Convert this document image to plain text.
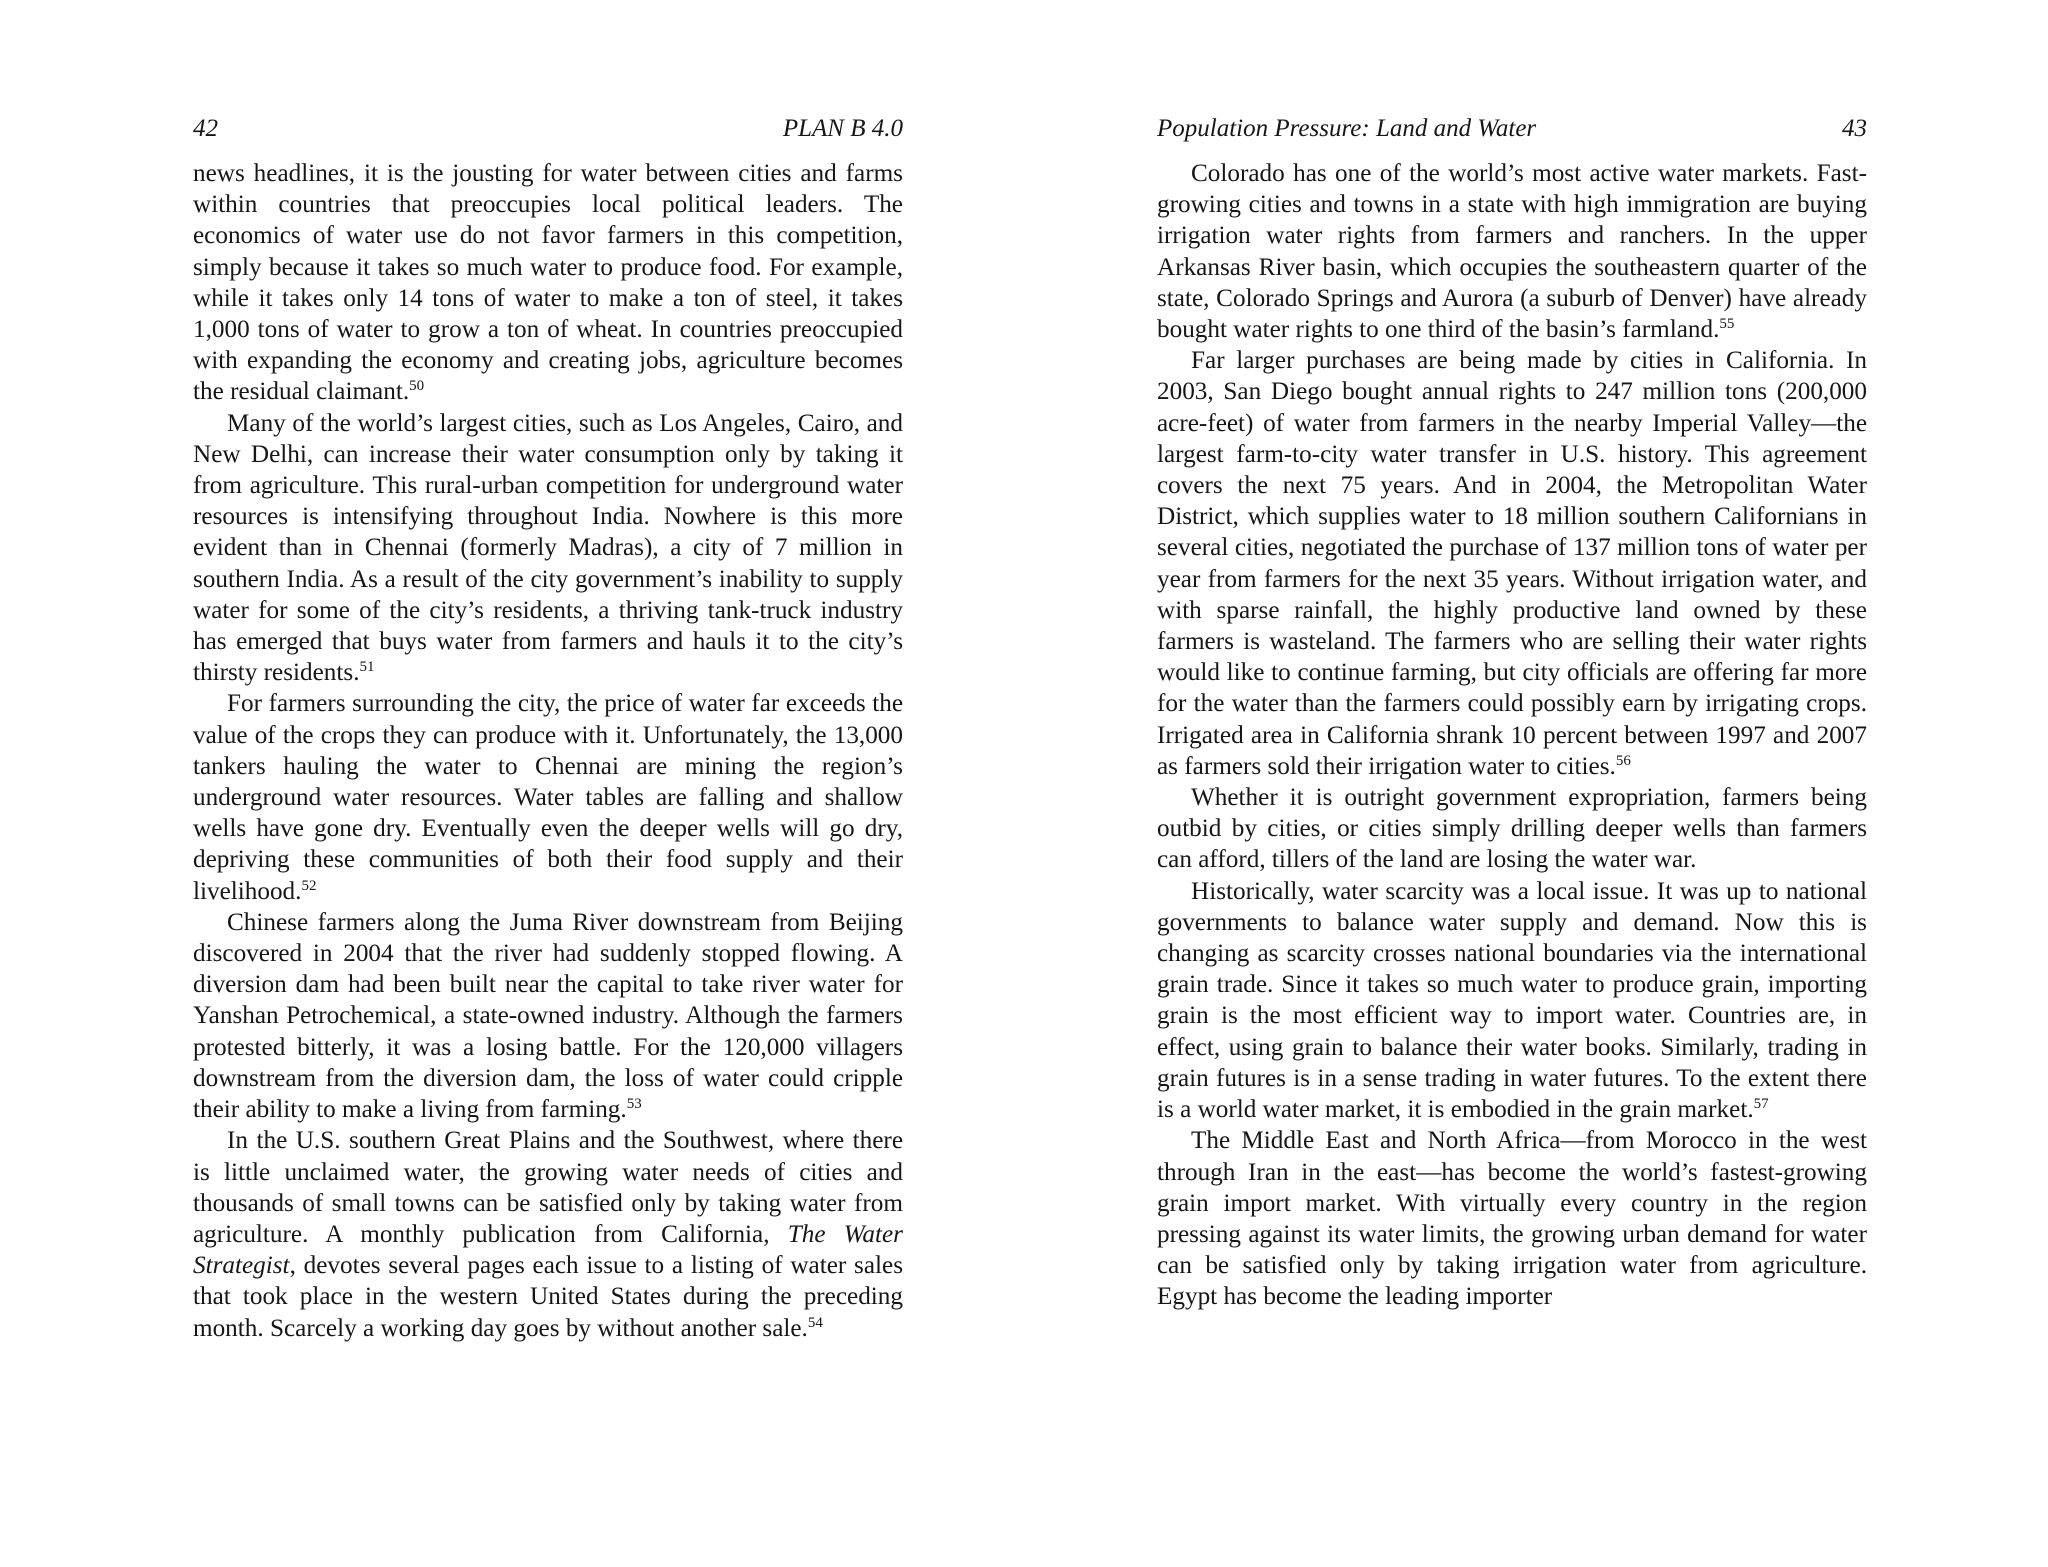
42	PLAN B 4.0

news headlines, it is the jousting for water between cities and farms within countries that preoccupies local political leaders. The economics of water use do not favor farmers in this competition, simply because it takes so much water to produce food. For example, while it takes only 14 tons of water to make a ton of steel, it takes 1,000 tons of water to grow a ton of wheat. In countries preoccupied with expanding the economy and creating jobs, agriculture becomes the residual claimant.$^{50}$

Many of the world’s largest cities, such as Los Angeles, Cairo, and New Delhi, can increase their water consumption only by taking it from agriculture. This rural-urban competition for underground water resources is intensifying throughout India. Nowhere is this more evident than in Chennai (formerly Madras), a city of 7 million in southern India. As a result of the city government’s inability to supply water for some of the city’s residents, a thriving tank-truck industry has emerged that buys water from farmers and hauls it to the city’s thirsty residents.$^{51}$

For farmers surrounding the city, the price of water far exceeds the value of the crops they can produce with it. Unfortunately, the 13,000 tankers hauling the water to Chennai are mining the region’s underground water resources. Water tables are falling and shallow wells have gone dry. Eventually even the deeper wells will go dry, depriving these communities of both their food supply and their livelihood.$^{52}$

Chinese farmers along the Juma River downstream from Beijing discovered in 2004 that the river had suddenly stopped flowing. A diversion dam had been built near the capital to take river water for Yanshan Petrochemical, a state-owned industry. Although the farmers protested bitterly, it was a losing battle. For the 120,000 villagers downstream from the diversion dam, the loss of water could cripple their ability to make a living from farming.$^{53}$

In the U.S. southern Great Plains and the Southwest, where there is little unclaimed water, the growing water needs of cities and thousands of small towns can be satisfied only by taking water from agriculture. A monthly publication from California, The Water Strategist, devotes several pages each issue to a listing of water sales that took place in the western United States during the preceding month. Scarcely a working day goes by without another sale.$^{54}$

Population Pressure: Land and Water	43

Colorado has one of the world’s most active water markets. Fast-growing cities and towns in a state with high immigration are buying irrigation water rights from farmers and ranchers. In the upper Arkansas River basin, which occupies the southeastern quarter of the state, Colorado Springs and Aurora (a suburb of Denver) have already bought water rights to one third of the basin’s farmland.$^{55}$

Far larger purchases are being made by cities in California. In 2003, San Diego bought annual rights to 247 million tons (200,000 acre-feet) of water from farmers in the nearby Imperial Valley—the largest farm-to-city water transfer in U.S. history. This agreement covers the next 75 years. And in 2004, the Metropolitan Water District, which supplies water to 18 million southern Californians in several cities, negotiated the purchase of 137 million tons of water per year from farmers for the next 35 years. Without irrigation water, and with sparse rainfall, the highly productive land owned by these farmers is wasteland. The farmers who are selling their water rights would like to continue farming, but city officials are offering far more for the water than the farmers could possibly earn by irrigating crops. Irrigated area in California shrank 10 percent between 1997 and 2007 as farmers sold their irrigation water to cities.$^{56}$

Whether it is outright government expropriation, farmers being outbid by cities, or cities simply drilling deeper wells than farmers can afford, tillers of the land are losing the water war.

Historically, water scarcity was a local issue. It was up to national governments to balance water supply and demand. Now this is changing as scarcity crosses national boundaries via the international grain trade. Since it takes so much water to produce grain, importing grain is the most efficient way to import water. Countries are, in effect, using grain to balance their water books. Similarly, trading in grain futures is in a sense trading in water futures. To the extent there is a world water market, it is embodied in the grain market.$^{57}$

The Middle East and North Africa—from Morocco in the west through Iran in the east—has become the world’s fastest-growing grain import market. With virtually every country in the region pressing against its water limits, the growing urban demand for water can be satisfied only by taking irrigation water from agriculture. Egypt has become the leading importer
